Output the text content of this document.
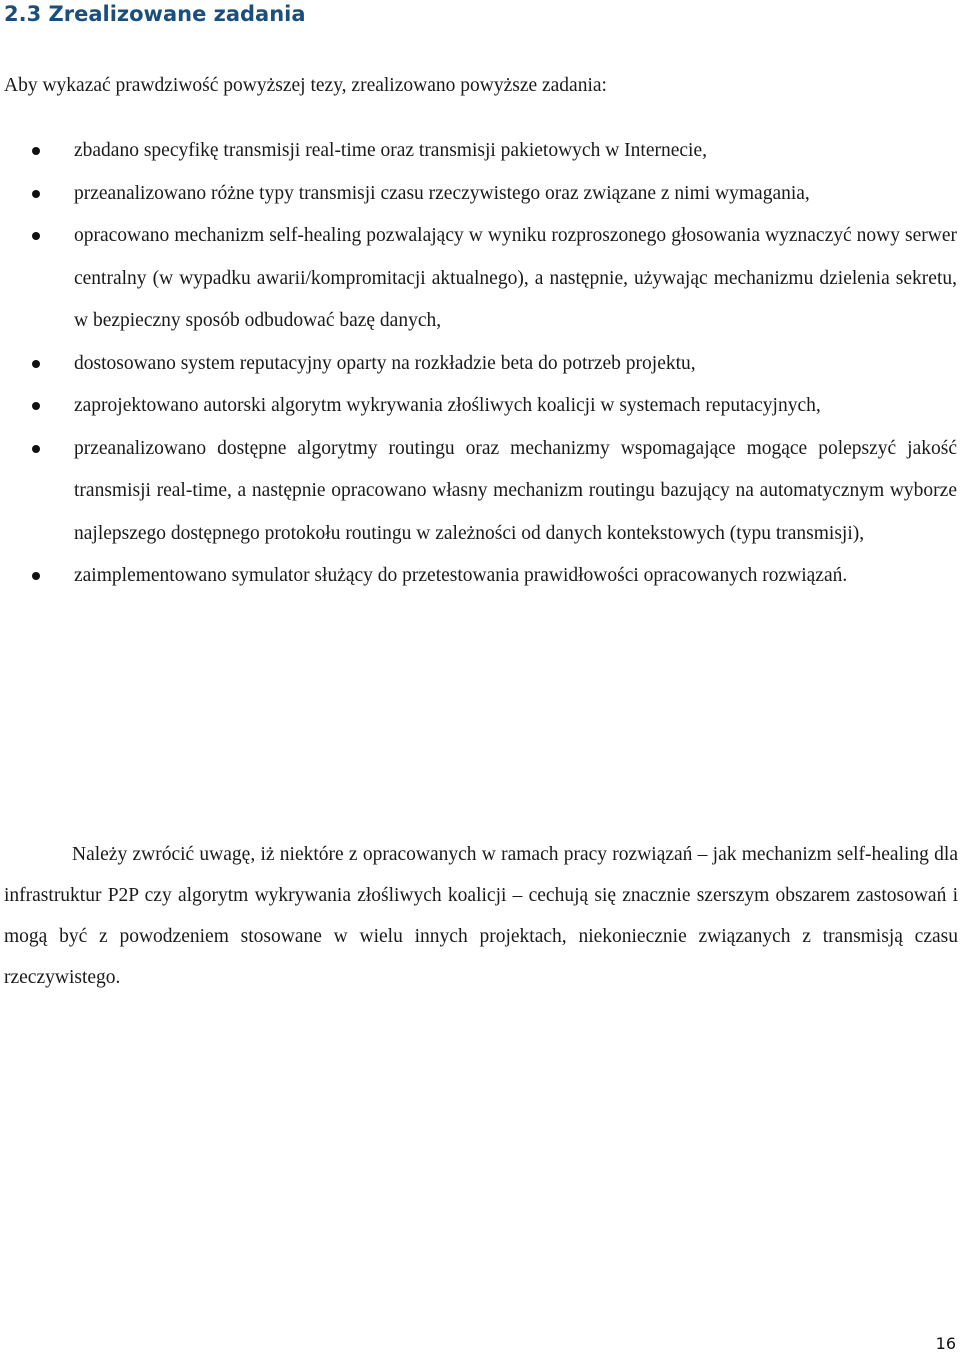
2.3 Zrealizowane zadania
Aby wykazać prawdziwość powyższej tezy, zrealizowano powyższe zadania:
zbadano specyfikę transmisji real-time oraz transmisji pakietowych w Internecie,
przeanalizowano różne typy transmisji czasu rzeczywistego oraz związane z nimi wymagania,
opracowano mechanizm self-healing pozwalający w wyniku rozproszonego głosowania wyznaczyć nowy serwer centralny (w wypadku awarii/kompromitacji aktualnego), a następnie, używając mechanizmu dzielenia sekretu, w bezpieczny sposób odbudować bazę danych,
dostosowano system reputacyjny oparty na rozkładzie beta do potrzeb projektu,
zaprojektowano autorski algorytm wykrywania złośliwych koalicji w systemach reputacyjnych,
przeanalizowano dostępne algorytmy routingu oraz mechanizmy wspomagające mogące polepszyć jakość transmisji real-time, a następnie opracowano własny mechanizm routingu bazujący na automatycznym wyborze najlepszego dostępnego protokołu routingu w zależności od danych kontekstowych (typu transmisji),
zaimplementowano symulator służący do przetestowania prawidłowości opracowanych rozwiązań.

Należy zwrócić uwagę, iż niektóre z opracowanych w ramach pracy rozwiązań – jak mechanizm self-healing dla infrastruktur P2P czy algorytm wykrywania złośliwych koalicji – cechują się znacznie szerszym obszarem zastosowań i mogą być z powodzeniem stosowane w wielu innych projektach, niekoniecznie związanych z transmisją czasu rzeczywistego.

16
